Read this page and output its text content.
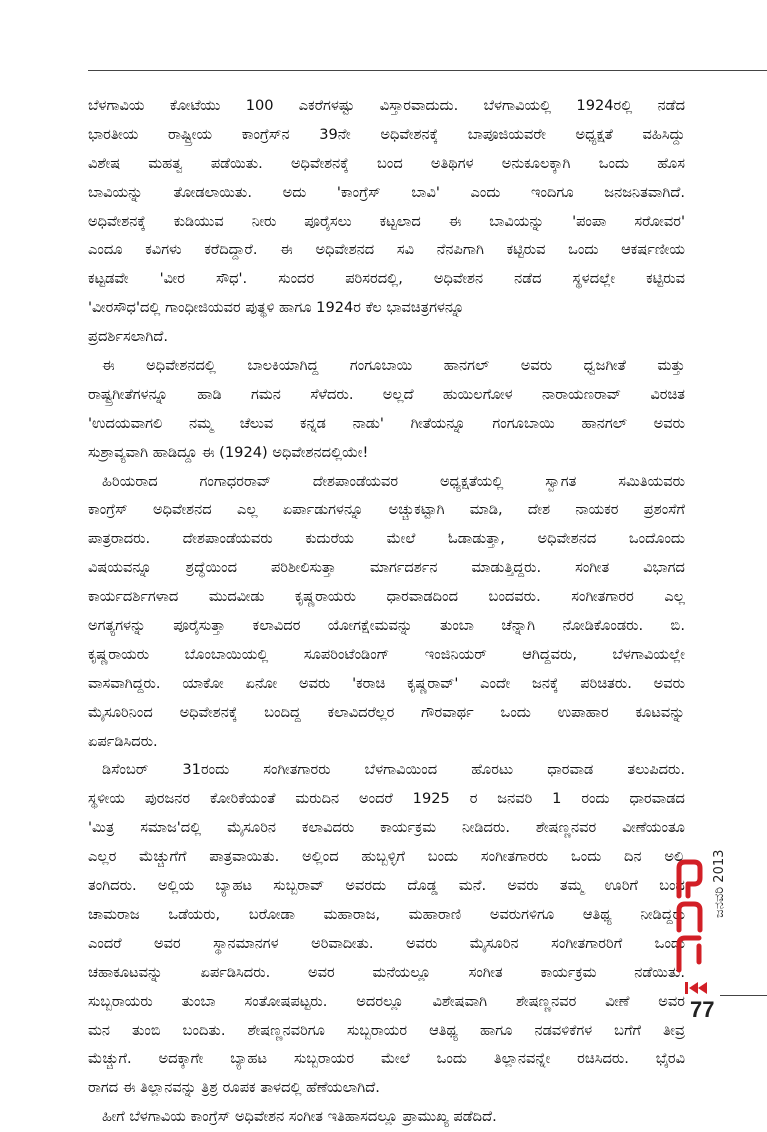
ಬೆಳಗಾವಿಯ ಕೋಟೆಯು 100 ಎಕರೆಗಳಷ್ಟು ವಿಸ್ತಾರವಾದುದು. ಬೆಳಗಾವಿಯಲ್ಲಿ 1924ರಲ್ಲಿ ನಡೆದ
ಭಾರತೀಯ ರಾಷ್ಟ್ರೀಯ ಕಾಂಗ್ರೆಸ್‌ನ 39ನೇ ಅಧಿವೇಶನಕ್ಕೆ ಬಾಪೂಜಿಯವರೇ ಅಧ್ಯಕ್ಷತೆ ವಹಿಸಿದ್ದು
ವಿಶೇಷ ಮಹತ್ವ ಪಡೆಯಿತು. ಅಧಿವೇಶನಕ್ಕೆ ಬಂದ ಅತಿಥಿಗಳ ಅನುಕೂಲಕ್ಕಾಗಿ ಒಂದು ಹೊಸ
ಬಾವಿಯನ್ನು ತೋಡಲಾಯಿತು. ಅದು 'ಕಾಂಗ್ರೆಸ್ ಬಾವಿ' ಎಂದು ಇಂದಿಗೂ ಜನಜನಿತವಾಗಿದೆ.
ಅಧಿವೇಶನಕ್ಕೆ ಕುಡಿಯುವ ನೀರು ಪೂರೈಸಲು ಕಟ್ಟಲಾದ ಈ ಬಾವಿಯನ್ನು 'ಪಂಪಾ ಸರೋವರ'
ಎಂದೂ ಕವಿಗಳು ಕರೆದಿದ್ದಾರೆ. ಈ ಅಧಿವೇಶನದ ಸವಿ ನೆನಪಿಗಾಗಿ ಕಟ್ಟಿರುವ ಒಂದು ಆಕರ್ಷಣೀಯ
ಕಟ್ಟಡವೇ 'ವೀರ ಸೌಧ'. ಸುಂದರ ಪರಿಸರದಲ್ಲಿ, ಅಧಿವೇಶನ ನಡೆದ ಸ್ಥಳದಲ್ಲೇ ಕಟ್ಟಿರುವ
'ವೀರಸೌಧ'ದಲ್ಲಿ ಗಾಂಧೀಜಿಯವರ ಪುತ್ಥಳಿ ಹಾಗೂ 1924ರ ಕೆಲ ಭಾವಚಿತ್ರಗಳನ್ನೂ
ಪ್ರದರ್ಶಿಸಲಾಗಿದೆ.
ಈ ಅಧಿವೇಶನದಲ್ಲಿ ಬಾಲಕಿಯಾಗಿದ್ದ ಗಂಗೂಬಾಯಿ ಹಾನಗಲ್ ಅವರು ಧ್ವಜಗೀತೆ ಮತ್ತು
ರಾಷ್ಟ್ರಗೀತೆಗಳನ್ನೂ ಹಾಡಿ ಗಮನ ಸೆಳೆದರು. ಅಲ್ಲದೆ ಹುಯಿಲಗೋಳ ನಾರಾಯಣರಾವ್ ವಿರಚಿತ
'ಉದಯವಾಗಲಿ ನಮ್ಮ ಚೆಲುವ ಕನ್ನಡ ನಾಡು' ಗೀತೆಯನ್ನೂ ಗಂಗೂಬಾಯಿ ಹಾನಗಲ್ ಅವರು
ಸುಶ್ರಾವ್ಯವಾಗಿ ಹಾಡಿದ್ದೂ ಈ (1924) ಅಧಿವೇಶನದಲ್ಲಿಯೇ!
ಹಿರಿಯರಾದ ಗಂಗಾಧರರಾವ್ ದೇಶಪಾಂಡೆಯವರ ಅಧ್ಯಕ್ಷತೆಯಲ್ಲಿ ಸ್ವಾಗತ ಸಮಿತಿಯವರು
ಕಾಂಗ್ರೆಸ್ ಅಧಿವೇಶನದ ಎಲ್ಲ ಏರ್ಪಾಡುಗಳನ್ನೂ ಅಚ್ಚುಕಟ್ಟಾಗಿ ಮಾಡಿ, ದೇಶ ನಾಯಕರ ಪ್ರಶಂಸೆಗೆ
ಪಾತ್ರರಾದರು. ದೇಶಪಾಂಡೆಯವರು ಕುದುರೆಯ ಮೇಲೆ ಓಡಾಡುತ್ತಾ, ಅಧಿವೇಶನದ ಒಂದೊಂದು
ವಿಷಯವನ್ನೂ ಶ್ರದ್ಧೆಯಿಂದ ಪರಿಶೀಲಿಸುತ್ತಾ ಮಾರ್ಗದರ್ಶನ ಮಾಡುತ್ತಿದ್ದರು. ಸಂಗೀತ ವಿಭಾಗದ
ಕಾರ್ಯದರ್ಶಿಗಳಾದ ಮುದವೀಡು ಕೃಷ್ಣರಾಯರು ಧಾರವಾಡದಿಂದ ಬಂದವರು. ಸಂಗೀತಗಾರರ ಎಲ್ಲ
ಅಗತ್ಯಗಳನ್ನು ಪೂರೈಸುತ್ತಾ ಕಲಾವಿದರ ಯೋಗಕ್ಷೇಮವನ್ನು ತುಂಬಾ ಚೆನ್ನಾಗಿ ನೋಡಿಕೊಂಡರು. ಬಿ.
ಕೃಷ್ಣರಾಯರು ಬೊಂಬಾಯಿಯಲ್ಲಿ ಸೂಪರಿಂಟೆಂಡಿಂಗ್ ಇಂಜಿನಿಯರ್ ಆಗಿದ್ದವರು, ಬೆಳಗಾವಿಯಲ್ಲೇ
ವಾಸವಾಗಿದ್ದರು. ಯಾಕೋ ಏನೋ ಅವರು 'ಕರಾಚಿ ಕೃಷ್ಣರಾವ್' ಎಂದೇ ಜನಕ್ಕೆ ಪರಿಚಿತರು. ಅವರು
ಮೈಸೂರಿನಿಂದ ಅಧಿವೇಶನಕ್ಕೆ ಬಂದಿದ್ದ ಕಲಾವಿದರೆಲ್ಲರ ಗೌರವಾರ್ಥ ಒಂದು ಉಪಾಹಾರ ಕೂಟವನ್ನು
ಏರ್ಪಡಿಸಿದರು.
ಡಿಸೆಂಬರ್ 31ರಂದು ಸಂಗೀತಗಾರರು ಬೆಳಗಾವಿಯಿಂದ ಹೊರಟು ಧಾರವಾಡ ತಲುಪಿದರು.
ಸ್ಥಳೀಯ ಪುರಜನರ ಕೋರಿಕೆಯಂತೆ ಮರುದಿನ ಅಂದರೆ 1925 ರ ಜನವರಿ 1 ರಂದು ಧಾರವಾಡದ
'ಮಿತ್ರ ಸಮಾಜ'ದಲ್ಲಿ ಮೈಸೂರಿನ ಕಲಾವಿದರು ಕಾರ್ಯಕ್ರಮ ನೀಡಿದರು. ಶೇಷಣ್ಣನವರ ವೀಣೆಯಂತೂ
ಎಲ್ಲರ ಮೆಚ್ಚುಗೆಗೆ ಪಾತ್ರವಾಯಿತು. ಅಲ್ಲಿಂದ ಹುಬ್ಬಳ್ಳಿಗೆ ಬಂದು ಸಂಗೀತಗಾರರು ಒಂದು ದಿನ ಅಲ್ಲಿ
ತಂಗಿದರು. ಅಲ್ಲಿಯ ಬ್ಯಾಹಟ ಸುಬ್ಬರಾವ್ ಅವರದು ದೊಡ್ಡ ಮನೆ. ಅವರು ತಮ್ಮ ಊರಿಗೆ ಬಂದ
ಚಾಮರಾಜ ಒಡೆಯರು, ಬರೋಡಾ ಮಹಾರಾಜ, ಮಹಾರಾಣಿ ಅವರುಗಳಿಗೂ ಆತಿಥ್ಯ ನೀಡಿದ್ದರು
ಎಂದರೆ ಅವರ ಸ್ಥಾನಮಾನಗಳ ಅರಿವಾದೀತು. ಅವರು ಮೈಸೂರಿನ ಸಂಗೀತಗಾರರಿಗೆ ಒಂದು
ಚಹಾಕೂಟವನ್ನು ಏರ್ಪಡಿಸಿದರು. ಅವರ ಮನೆಯಲ್ಲೂ ಸಂಗೀತ ಕಾರ್ಯಕ್ರಮ ನಡೆಯಿತು.
ಸುಬ್ಬರಾಯರು ತುಂಬಾ ಸಂತೋಷಪಟ್ಟರು. ಅದರಲ್ಲೂ ವಿಶೇಷವಾಗಿ ಶೇಷಣ್ಣನವರ ವೀಣೆ ಅವರ
ಮನ ತುಂಬಿ ಬಂದಿತು. ಶೇಷಣ್ಣನವರಿಗೂ ಸುಬ್ಬರಾಯರ ಆತಿಥ್ಯ ಹಾಗೂ ನಡವಳಿಕೆಗಳ ಬಗೆಗೆ ತೀವ್ರ
ಮೆಚ್ಚುಗೆ. ಅದಕ್ಕಾಗೇ ಬ್ಯಾಹಟ ಸುಬ್ಬರಾಯರ ಮೇಲೆ ಒಂದು ತಿಲ್ಲಾನವನ್ನೇ ರಚಿಸಿದರು. ಭೈರವಿ
ರಾಗದ ಈ ತಿಲ್ಲಾನವನ್ನು ತ್ರಿಶ್ರ ರೂಪಕ ತಾಳದಲ್ಲಿ ಹೆಣೆಯಲಾಗಿದೆ.
ಹೀಗೆ ಬೆಳಗಾವಿಯ ಕಾಂಗ್ರೆಸ್ ಅಧಿವೇಶನ ಸಂಗೀತ ಇತಿಹಾಸದಲ್ಲೂ ಪ್ರಾಮುಖ್ಯ ಪಡೆದಿದೆ.
ಜನವರಿ 2013
77
